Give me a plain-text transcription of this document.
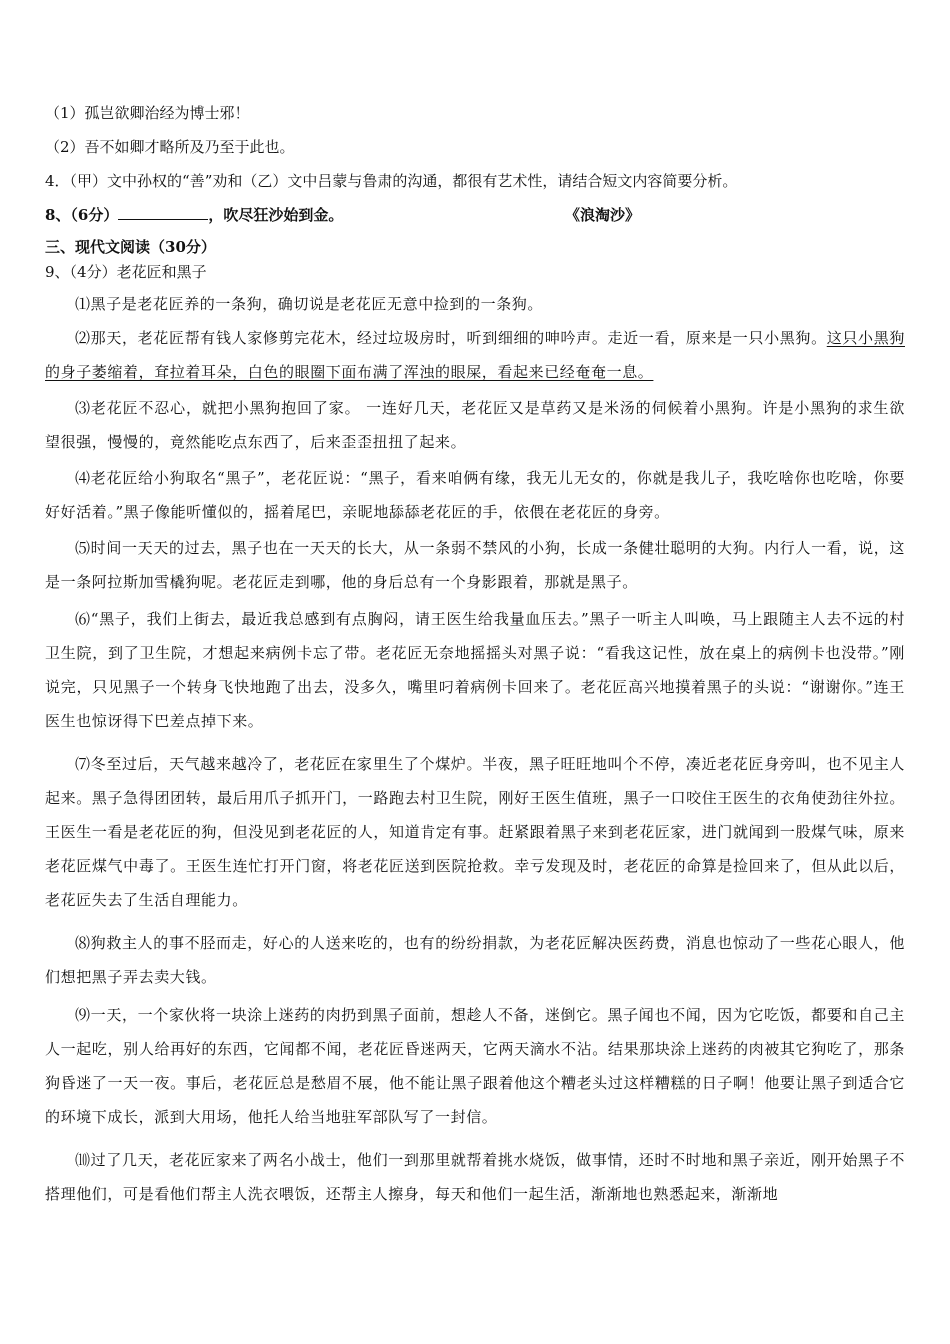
（1）孤岂欲卿治经为博士邪！
（2）吾不如卿才略所及乃至于此也。
4．（甲）文中孙权的“善”劝和（乙）文中吕蒙与鲁肃的沟通，都很有艺术性，请结合短文内容简要分析。
8、（6分）	，吹尽狂沙始到金。	《浪淘沙》
三、现代文阅读（30分）
9、（4分）老花匠和黑子
⑴黑子是老花匠养的一条狗，确切说是老花匠无意中捡到的一条狗。
⑵那天，老花匠帮有钱人家修剪完花木，经过垃圾房时，听到细细的呻吟声。走近一看，原来是一只小黑狗。这只小黑狗的身子萎缩着，耷拉着耳朵，白色的眼圈下面布满了浑浊的眼屎，看起来已经奄奄一息。
⑶老花匠不忍心，就把小黑狗抱回了家。 一连好几天，老花匠又是草药又是米汤的伺候着小黑狗。许是小黑狗的求生欲望很强，慢慢的，竟然能吃点东西了，后来歪歪扭扭了起来。
⑷老花匠给小狗取名“黑子”，老花匠说：“黑子，看来咱俩有缘，我无儿无女的，你就是我儿子，我吃啥你也吃啥，你要好好活着。”黑子像能听懂似的，摇着尾巴，亲昵地舔舔老花匠的手，依偎在老花匠的身旁。
⑸时间一天天的过去，黑子也在一天天的长大，从一条弱不禁风的小狗，长成一条健壮聪明的大狗。内行人一看，说，这是一条阿拉斯加雪橇狗呢。老花匠走到哪，他的身后总有一个身影跟着，那就是黑子。
⑹“黑子，我们上街去，最近我总感到有点胸闷，请王医生给我量血压去。”黑子一听主人叫唤，马上跟随主人去不远的村卫生院，到了卫生院，才想起来病例卡忘了带。老花匠无奈地摇摇头对黑子说：“看我这记性，放在桌上的病例卡也没带。”刚说完，只见黑子一个转身飞快地跑了出去，没多久，嘴里叼着病例卡回来了。老花匠高兴地摸着黑子的头说：“谢谢你。”连王医生也惊讶得下巴差点掉下来。
⑺冬至过后，天气越来越冷了，老花匠在家里生了个煤炉。半夜，黑子旺旺地叫个不停，凑近老花匠身旁叫，也不见主人起来。黑子急得团团转，最后用爪子抓开门，一路跑去村卫生院，刚好王医生值班，黑子一口咬住王医生的衣角使劲往外拉。王医生一看是老花匠的狗，但没见到老花匠的人，知道肯定有事。赶紧跟着黑子来到老花匠家，进门就闻到一股煤气味，原来老花匠煤气中毒了。王医生连忙打开门窗，将老花匠送到医院抢救。幸亏发现及时，老花匠的命算是捡回来了，但从此以后，老花匠失去了生活自理能力。
⑻狗救主人的事不胫而走，好心的人送来吃的，也有的纷纷捐款，为老花匠解决医药费，消息也惊动了一些花心眼人，他们想把黑子弄去卖大钱。
⑼一天，一个家伙将一块涂上迷药的肉扔到黑子面前，想趁人不备，迷倒它。黑子闻也不闻，因为它吃饭，都要和自己主人一起吃，别人给再好的东西，它闻都不闻，老花匠昏迷两天，它两天滴水不沾。结果那块涂上迷药的肉被其它狗吃了，那条狗昏迷了一天一夜。事后，老花匠总是愁眉不展，他不能让黑子跟着他这个糟老头过这样糟糕的日子啊！他要让黑子到适合它的环境下成长，派到大用场，他托人给当地驻军部队写了一封信。
⑽过了几天，老花匠家来了两名小战士，他们一到那里就帮着挑水烧饭，做事情，还时不时地和黑子亲近，刚开始黑子不搭理他们，可是看他们帮主人洗衣喂饭，还帮主人擦身，每天和他们一起生活，渐渐地也熟悉起来，渐渐地
